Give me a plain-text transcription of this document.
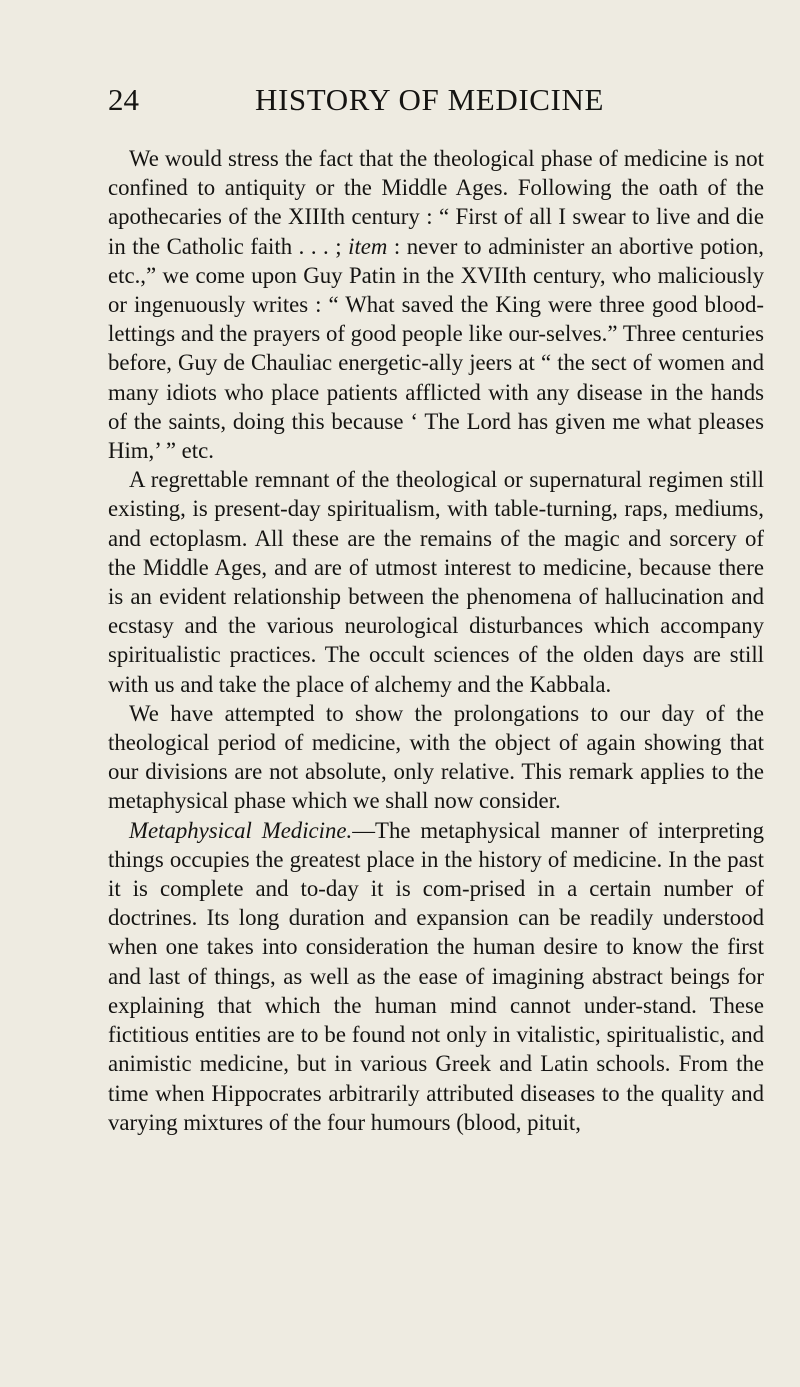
24	HISTORY OF MEDICINE

We would stress the fact that the theological phase of medicine is not confined to antiquity or the Middle Ages. Following the oath of the apothecaries of the XIIIth century : “ First of all I swear to live and die in the Catholic faith . . . ; item : never to administer an abortive potion, etc.,” we come upon Guy Patin in the XVIIth century, who maliciously or ingenuously writes : “ What saved the King were three good blood-lettings and the prayers of good people like our-selves.” Three centuries before, Guy de Chauliac energetic-ally jeers at “ the sect of women and many idiots who place patients afflicted with any disease in the hands of the saints, doing this because ‘ The Lord has given me what pleases Him,’ ” etc.

A regrettable remnant of the theological or supernatural regimen still existing, is present-day spiritualism, with table-turning, raps, mediums, and ectoplasm. All these are the remains of the magic and sorcery of the Middle Ages, and are of utmost interest to medicine, because there is an evident relationship between the phenomena of hallucination and ecstasy and the various neurological disturbances which accompany spiritualistic practices. The occult sciences of the olden days are still with us and take the place of alchemy and the Kabbala.

We have attempted to show the prolongations to our day of the theological period of medicine, with the object of again showing that our divisions are not absolute, only relative. This remark applies to the metaphysical phase which we shall now consider.

Metaphysical Medicine.—The metaphysical manner of interpreting things occupies the greatest place in the history of medicine. In the past it is complete and to-day it is com-prised in a certain number of doctrines. Its long duration and expansion can be readily understood when one takes into consideration the human desire to know the first and last of things, as well as the ease of imagining abstract beings for explaining that which the human mind cannot under-stand. These fictitious entities are to be found not only in vitalistic, spiritualistic, and animistic medicine, but in various Greek and Latin schools. From the time when Hippocrates arbitrarily attributed diseases to the quality and varying mixtures of the four humours (blood, pituit,
